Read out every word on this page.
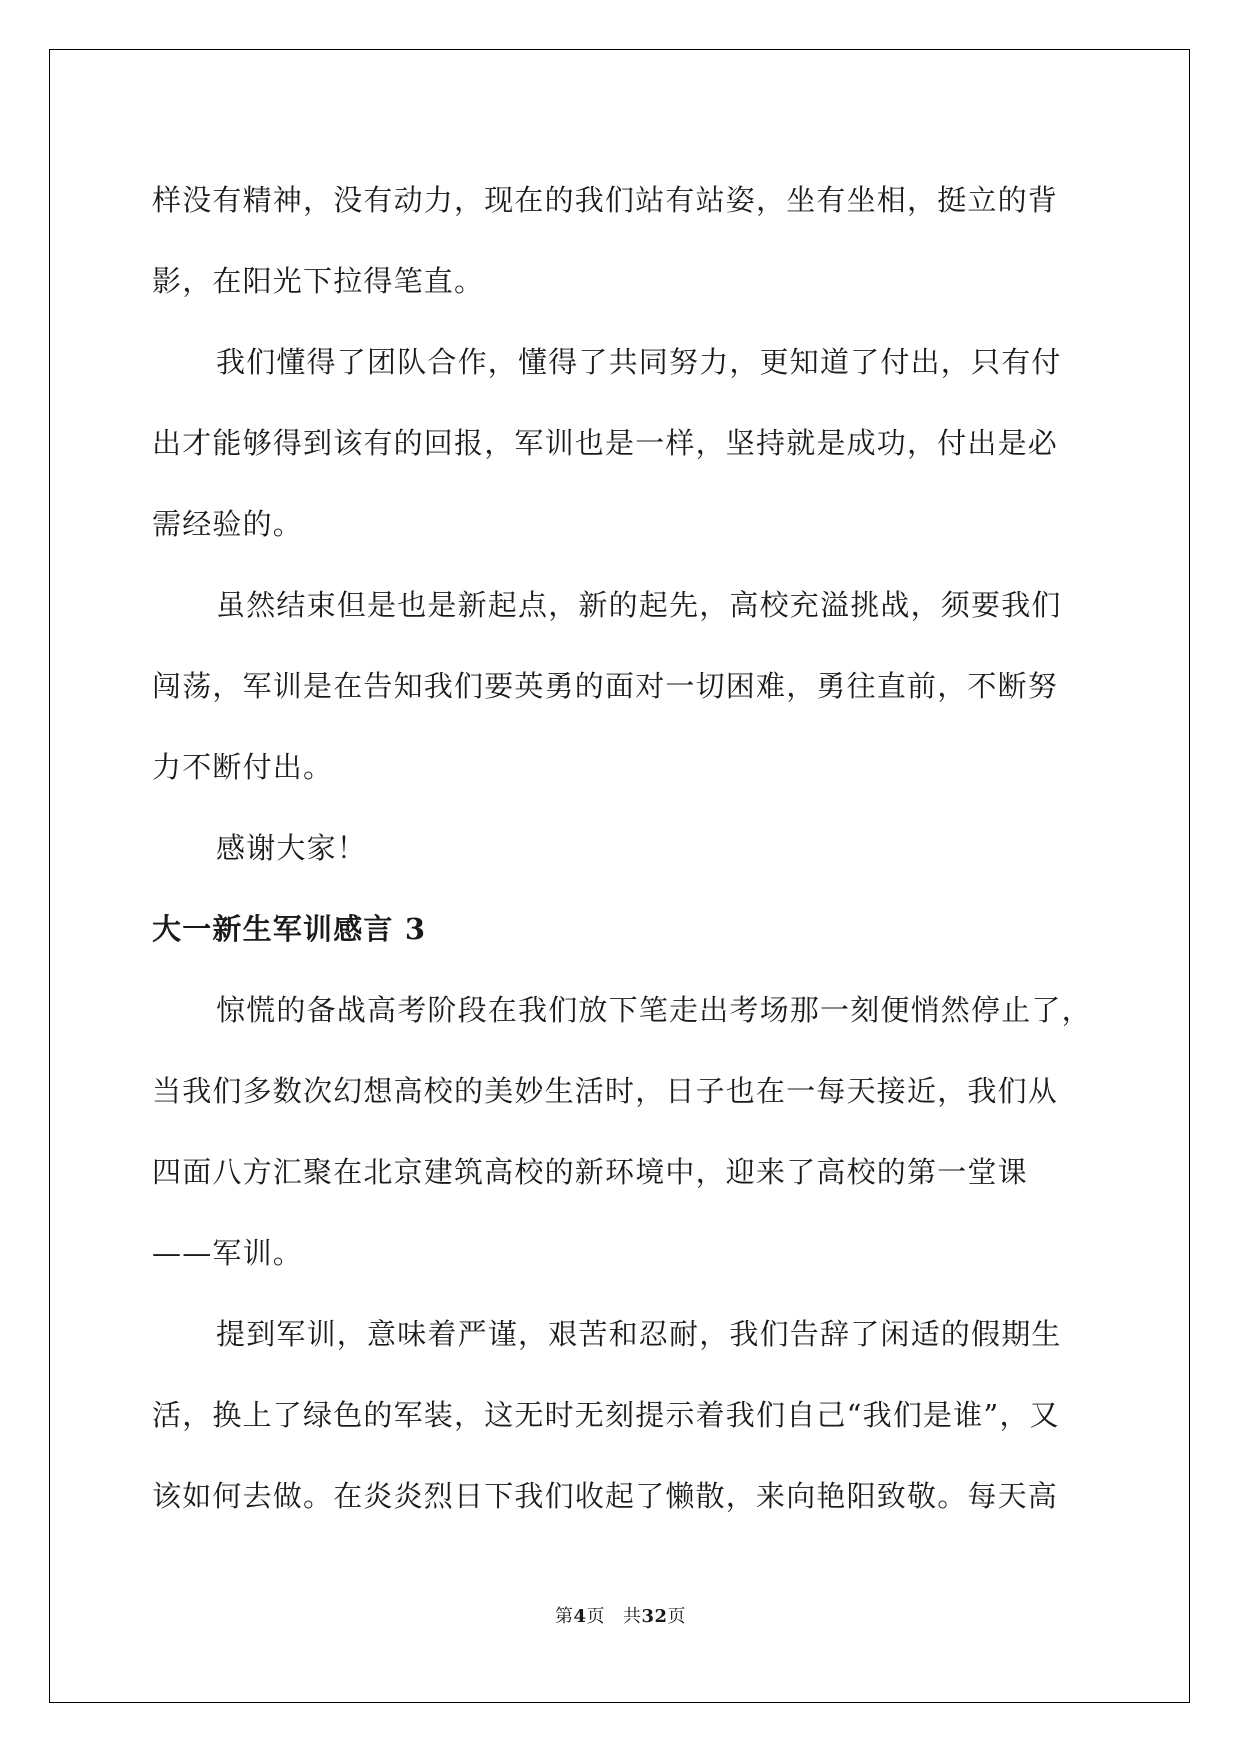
样没有精神，没有动力，现在的我们站有站姿，坐有坐相，挺立的背

影，在阳光下拉得笔直。

我们懂得了团队合作，懂得了共同努力，更知道了付出，只有付

出才能够得到该有的回报，军训也是一样，坚持就是成功，付出是必

需经验的。

虽然结束但是也是新起点，新的起先，高校充溢挑战，须要我们

闯荡，军训是在告知我们要英勇的面对一切困难，勇往直前，不断努

力不断付出。

感谢大家！

大一新生军训感言 3

惊慌的备战高考阶段在我们放下笔走出考场那一刻便悄然停止了，

当我们多数次幻想高校的美妙生活时，日子也在一每天接近，我们从

四面八方汇聚在北京建筑高校的新环境中，迎来了高校的第一堂课

——军训。

提到军训，意味着严谨，艰苦和忍耐，我们告辞了闲适的假期生

活，换上了绿色的军装，这无时无刻提示着我们自己“我们是谁”，又

该如何去做。在炎炎烈日下我们收起了懒散，来向艳阳致敬。每天高

第4页 共32页
